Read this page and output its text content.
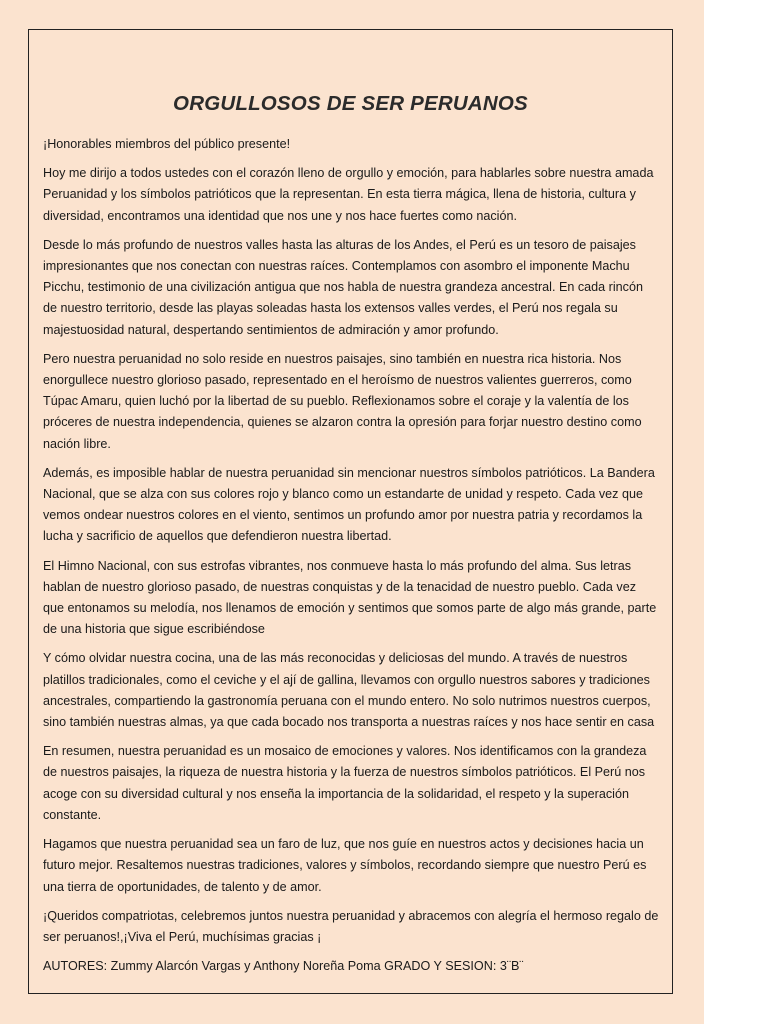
ORGULLOSOS DE SER PERUANOS

¡Honorables miembros del público presente!

Hoy me dirijo a todos ustedes con el corazón lleno de orgullo y emoción, para hablarles sobre nuestra amada Peruanidad y los símbolos patrióticos que la representan. En esta tierra mágica, llena de historia, cultura y diversidad, encontramos una identidad que nos une y nos hace fuertes como nación.

Desde lo más profundo de nuestros valles hasta las alturas de los Andes, el Perú es un tesoro de paisajes impresionantes que nos conectan con nuestras raíces. Contemplamos con asombro el imponente Machu Picchu, testimonio de una civilización antigua que nos habla de nuestra grandeza ancestral. En cada rincón de nuestro territorio, desde las playas soleadas hasta los extensos valles verdes, el Perú nos regala su majestuosidad natural, despertando sentimientos de admiración y amor profundo.

Pero nuestra peruanidad no solo reside en nuestros paisajes, sino también en nuestra rica historia. Nos enorgullece nuestro glorioso pasado, representado en el heroísmo de nuestros valientes guerreros, como Túpac Amaru, quien luchó por la libertad de su pueblo. Reflexionamos sobre el coraje y la valentía de los próceres de nuestra independencia, quienes se alzaron contra la opresión para forjar nuestro destino como nación libre.

Además, es imposible hablar de nuestra peruanidad sin mencionar nuestros símbolos patrióticos. La Bandera Nacional, que se alza con sus colores rojo y blanco como un estandarte de unidad y respeto. Cada vez que vemos ondear nuestros colores en el viento, sentimos un profundo amor por nuestra patria y recordamos la lucha y sacrificio de aquellos que defendieron nuestra libertad.

El Himno Nacional, con sus estrofas vibrantes, nos conmueve hasta lo más profundo del alma. Sus letras hablan de nuestro glorioso pasado, de nuestras conquistas y de la tenacidad de nuestro pueblo. Cada vez que entonamos su melodía, nos llenamos de emoción y sentimos que somos parte de algo más grande, parte de una historia que sigue escribiéndose

Y cómo olvidar nuestra cocina, una de las más reconocidas y deliciosas del mundo. A través de nuestros platillos tradicionales, como el ceviche y el ají de gallina, llevamos con orgullo nuestros sabores y tradiciones ancestrales, compartiendo la gastronomía peruana con el mundo entero. No solo nutrimos nuestros cuerpos, sino también nuestras almas, ya que cada bocado nos transporta a nuestras raíces y nos hace sentir en casa

En resumen, nuestra peruanidad es un mosaico de emociones y valores. Nos identificamos con la grandeza de nuestros paisajes, la riqueza de nuestra historia y la fuerza de nuestros símbolos patrióticos. El Perú nos acoge con su diversidad cultural y nos enseña la importancia de la solidaridad, el respeto y la superación constante.

Hagamos que nuestra peruanidad sea un faro de luz, que nos guíe en nuestros actos y decisiones hacia un futuro mejor. Resaltemos nuestras tradiciones, valores y símbolos, recordando siempre que nuestro Perú es una tierra de oportunidades, de talento y de amor.

¡Queridos compatriotas, celebremos juntos nuestra peruanidad y abracemos con alegría el hermoso regalo de ser peruanos!,¡Viva el Perú, muchísimas gracias ¡

AUTORES: Zummy Alarcón Vargas y Anthony Noreña Poma GRADO Y SESION: 3¨B¨
